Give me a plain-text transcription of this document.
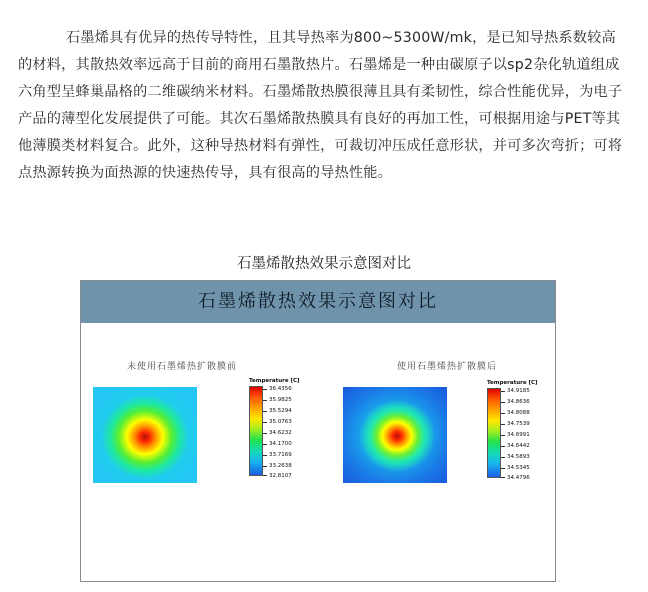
石墨烯具有优异的热传导特性，且其导热率为800~5300W/mk，是已知导热系数较高的材料，其散热效率远高于目前的商用石墨散热片。石墨烯是一种由碳原子以sp2杂化轨道组成六角型呈蜂巢晶格的二维碳纳米材料。石墨烯散热膜很薄且具有柔韧性，综合性能优异，为电子产品的薄型化发展提供了可能。其次石墨烯散热膜具有良好的再加工性，可根据用途与PET等其他薄膜类材料复合。此外，这种导热材料有弹性，可裁切冲压成任意形状，并可多次弯折；可将点热源转换为面热源的快速热传导，具有很高的导热性能。

石墨烯散热效果示意图对比
石墨烯散热效果示意图对比
未使用石墨烯热扩散膜前
Temperature [C]
36.4356
35.9825
35.5294
35.0763
34.6232
34.1700
33.7169
33.2638
32.8107
使用石墨烯热扩散膜后
Temperature [C]
34.9185
34.8636
34.8088
34.7539
34.6991
34.6442
34.5893
34.5345
34.4796
.
